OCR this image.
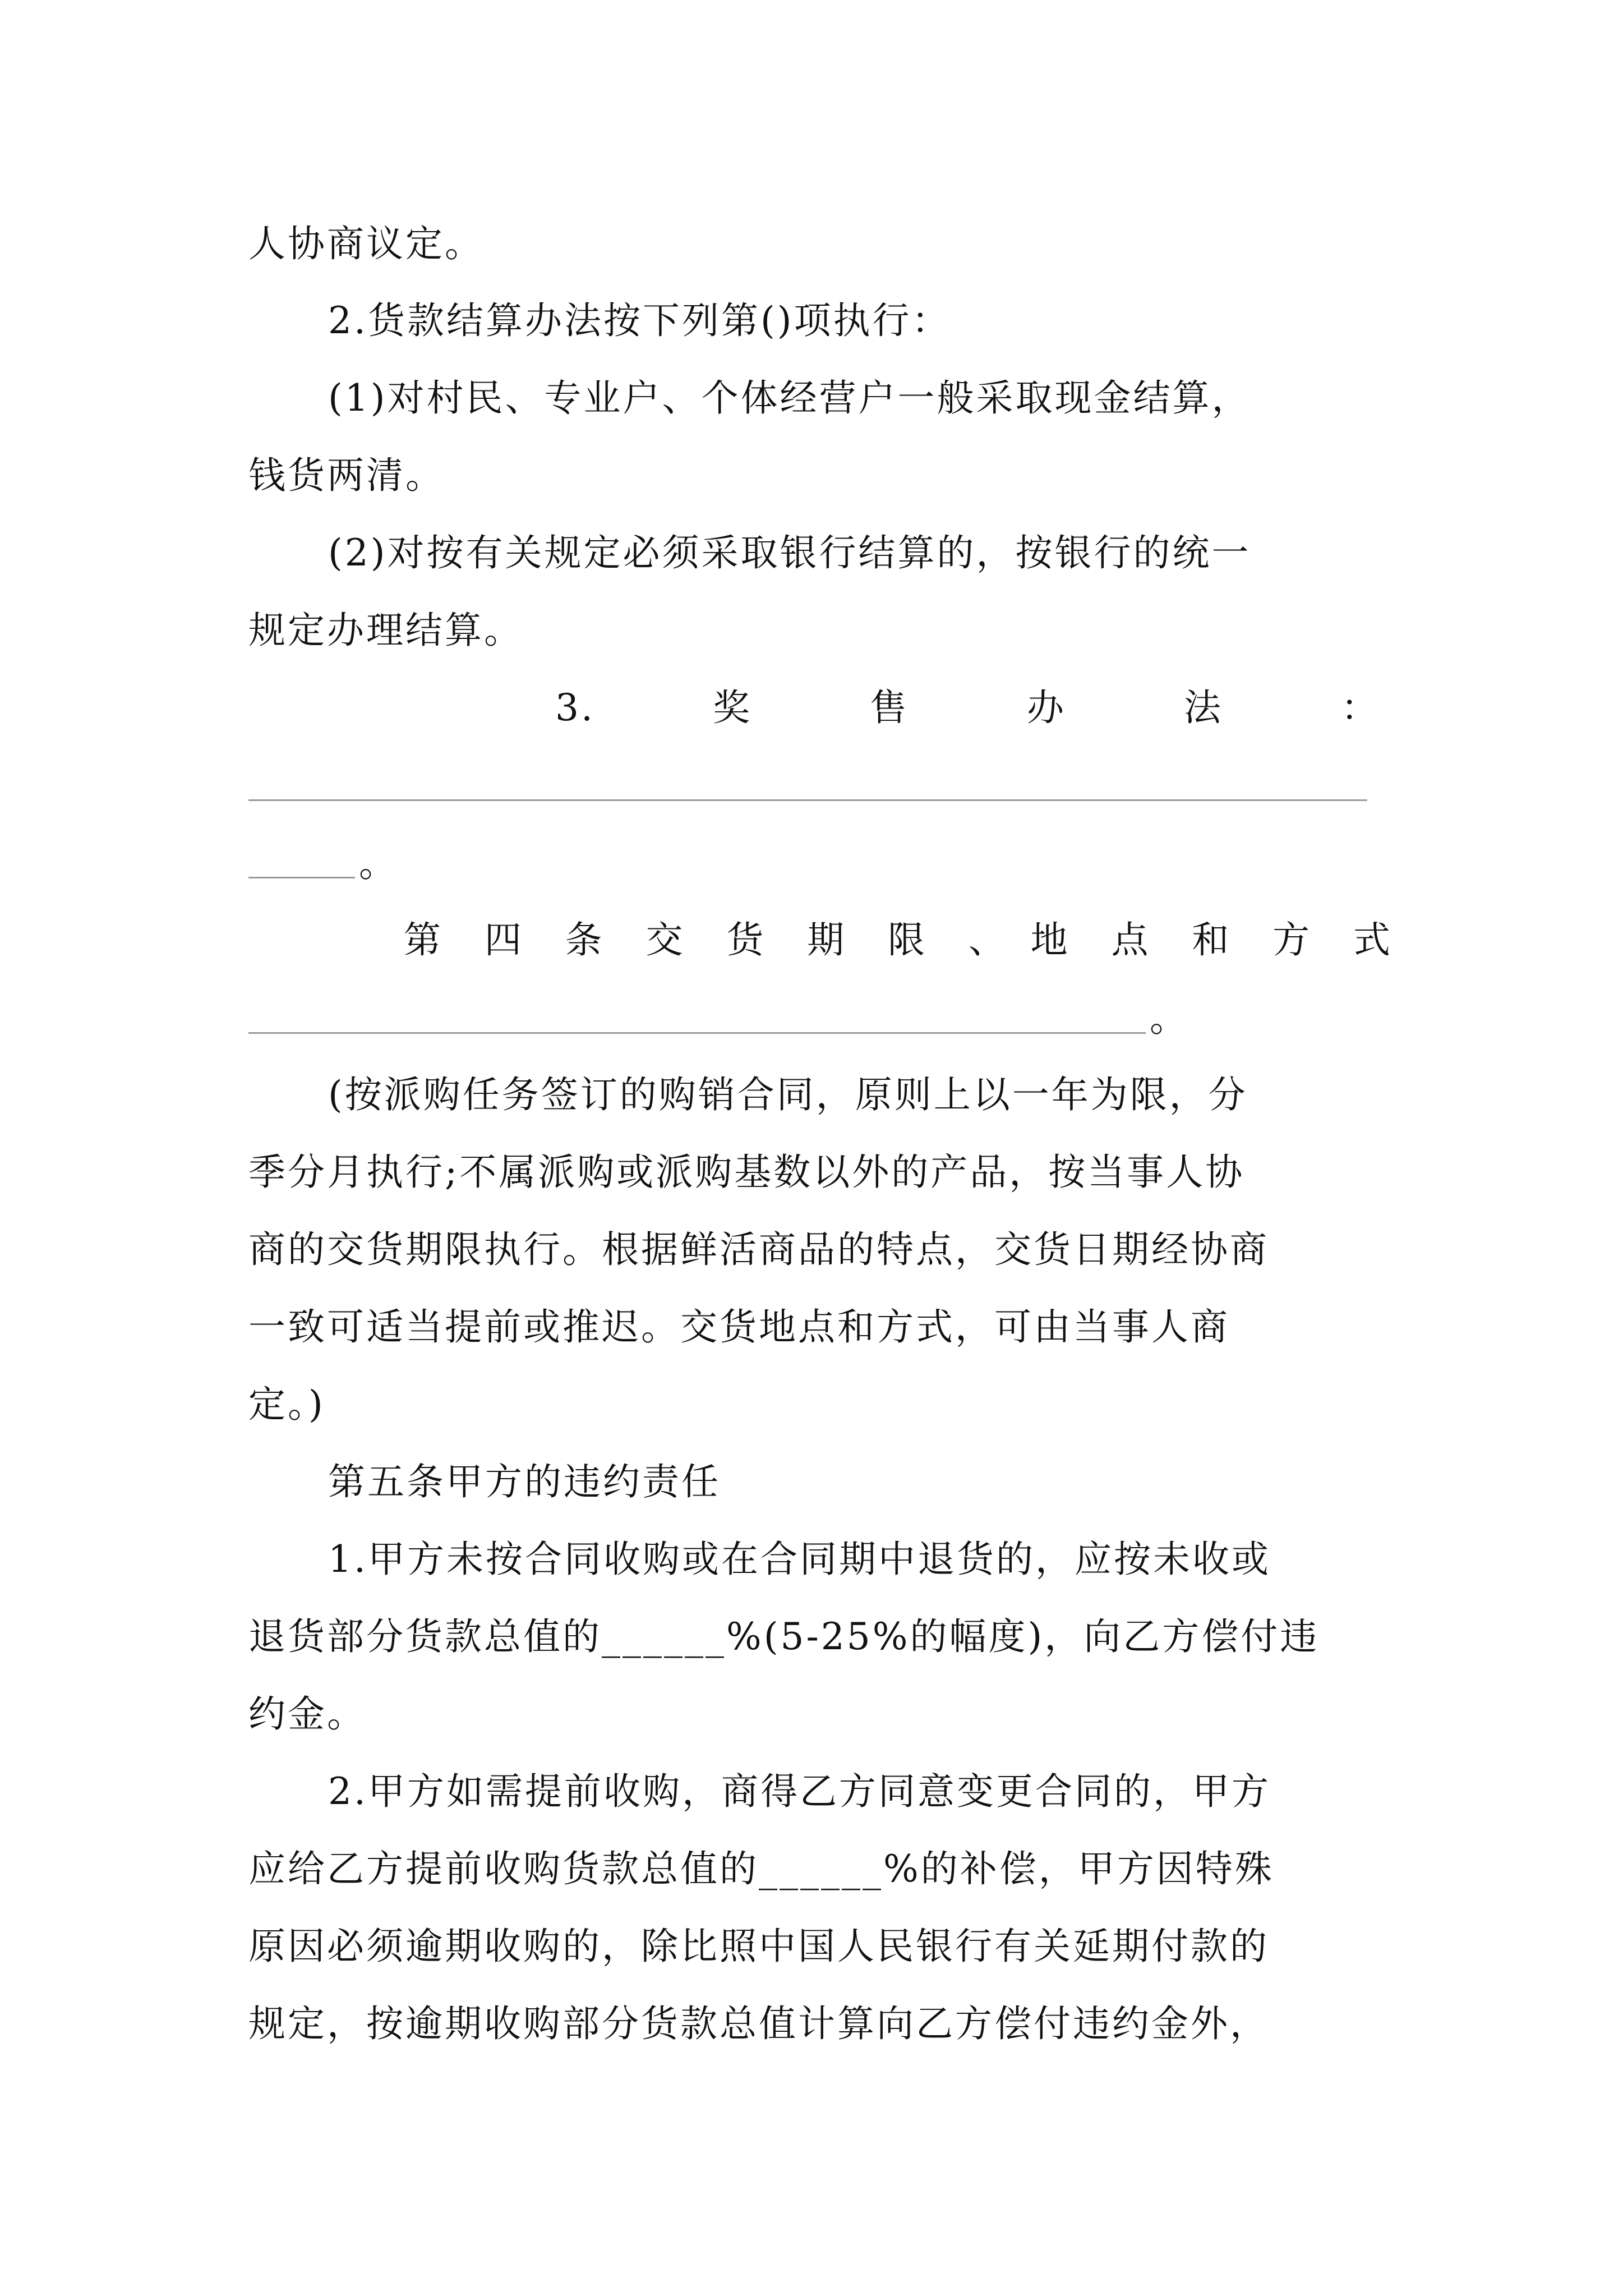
人协商议定。
2.货款结算办法按下列第()项执行：
(1)对村民、专业户、个体经营户一般采取现金结算，
钱货两清。
(2)对按有关规定必须采取银行结算的，按银行的统一
规定办理结算。
3.　　　奖　　　售　　　办　　　法　　　：
。
第　四　条　交　货　期　限　、　地　点　和　方　式
。
(按派购任务签订的购销合同，原则上以一年为限，分
季分月执行;不属派购或派购基数以外的产品，按当事人协
商的交货期限执行。根据鲜活商品的特点，交货日期经协商
一致可适当提前或推迟。交货地点和方式，可由当事人商
定。)
第五条甲方的违约责任
1.甲方未按合同收购或在合同期中退货的，应按未收或
退货部分货款总值的______%(5-25%的幅度)，向乙方偿付违
约金。
2.甲方如需提前收购，商得乙方同意变更合同的，甲方
应给乙方提前收购货款总值的______%的补偿，甲方因特殊
原因必须逾期收购的，除比照中国人民银行有关延期付款的
规定，按逾期收购部分货款总值计算向乙方偿付违约金外，
